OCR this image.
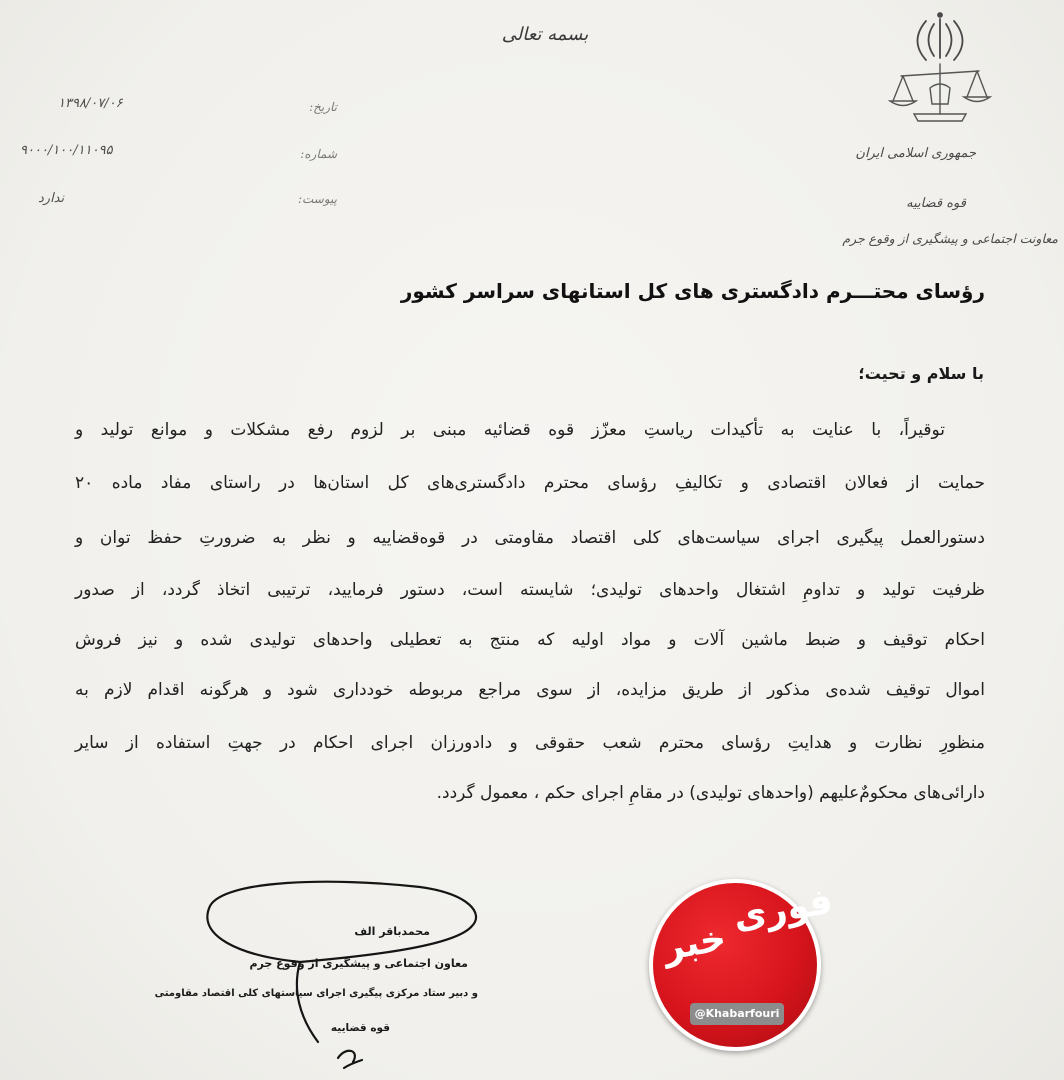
بسمه تعالی
جمهوری اسلامی ایران
قوه قضاییه
معاونت اجتماعی و پیشگیری از وقوع جرم
تاریخ:
شماره:
پیوست:
۱۳۹۸/۰۷/۰۶
۹۰۰۰/۱۰۰/۱۱۰۹۵
ندارد
رؤسای محتـــرم دادگستری های کل استانهای سراسر کشور
با سلام و تحیت؛
توقیراً، با عنایت به تأکیدات ریاستِ معزّز قوه قضائیه مبنی بر لزوم رفع مشکلات و موانع تولید و
حمایت از فعالان اقتصادی و تکالیفِ رؤسای محترم دادگستری‌های کل استان‌ها در راستای مفاد ماده ۲۰
دستورالعمل پیگیری اجرای سیاست‌های کلی اقتصاد مقاومتی در قوه‌قضاییه و نظر به ضرورتِ حفظ توان و
ظرفیت تولید و تداومِ اشتغال واحدهای تولیدی؛ شایسته است، دستور فرمایید، ترتیبی اتخاذ گردد، از صدور
احکام توقیف و ضبط ماشین آلات و مواد اولیه که منتج به تعطیلی واحدهای تولیدی شده و نیز فروش
اموال توقیف شده‌ی مذکور از طریق مزایده، از سوی مراجع مربوطه خودداری شود و هرگونه اقدام لازم به
منظورِ نظارت و هدایتِ رؤسای محترم شعب حقوقی و دادورزان اجرای احکام در جهتِ استفاده از سایر
دارائی‌های محکومٌ‌علیهم (واحدهای تولیدی) در مقامِ اجرای حکم ، معمول گردد.
محمدباقر الف
معاون اجتماعی و پیشگیری از وقوع جرم
و دبیر ستاد مرکزی پیگیری اجرای سیاستهای کلی اقتصاد مقاومتی
قوه قضاییه
فوری
خبر
@Khabarfouri
